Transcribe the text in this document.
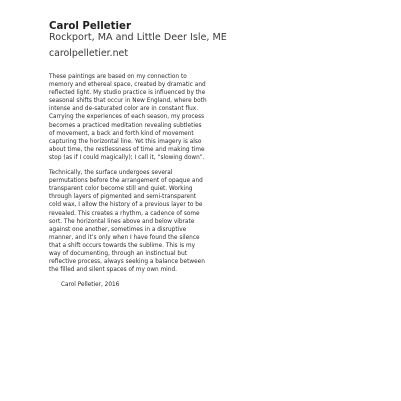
Carol Pelletier
Rockport, MA and Little Deer Isle, ME
carolpelletier.net

These paintings are based on my connection to memory and ethereal space, created by dramatic and reflected light. My studio practice is influenced by the seasonal shifts that occur in New England, where both intense and de-saturated color are in constant flux. Carrying the experiences of each season, my process becomes a practiced meditation revealing subtleties of movement, a back and forth kind of movement capturing the horizontal line. Yet this imagery is also about time, the restlessness of time and making time stop (as if I could magically); I call it, “slowing down”.

Technically, the surface undergoes several permutations before the arrangement of opaque and transparent color become still and quiet. Working through layers of pigmented and semi-transparent cold wax, I allow the history of a previous layer to be revealed. This creates a rhythm, a cadence of some sort. The horizontal lines above and below vibrate against one another, sometimes in a disruptive manner, and it’s only when I have found the silence that a shift occurs towards the sublime. This is my way of documenting, through an instinctual but reflective process, always seeking a balance between the filled and silent spaces of my own mind.

Carol Pelletier, 2016
